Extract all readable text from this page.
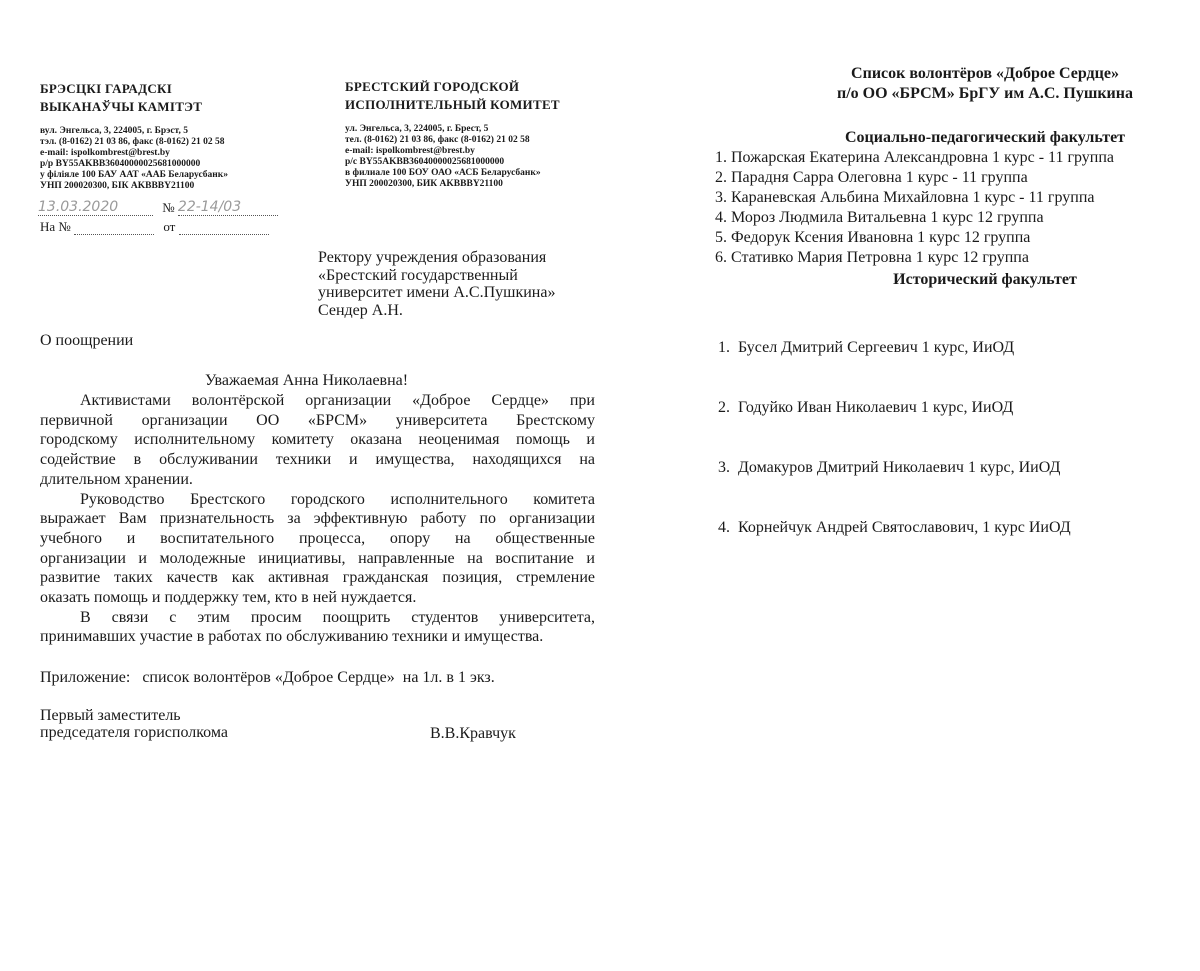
БРЭСЦКI ГАРАДСКI
ВЫКАНАЎЧЫ КАМIТЭТ
вул. Энгельса, 3, 224005, г. Брэст, 5
тэл. (8-0162) 21 03 86, факс (8-0162) 21 02 58
e-mail: ispolkombrest@brest.by
р/р BY55AKBB36040000025681000000
у філіяле 100 БАУ ААТ «ААБ Беларусбанк»
УНП 200020300, БIК AKBBBY21100
БРЕСТСКИЙ ГОРОДСКОЙ
ИСПОЛНИТЕЛЬНЫЙ КОМИТЕТ
ул. Энгельса, 3, 224005, г. Брест, 5
тел. (8-0162) 21 03 86, факс (8-0162) 21 02 58
e-mail: ispolkombrest@brest.by
р/с BY55AKBB36040000025681000000
в филиале 100 БОУ ОАО «АСБ Беларусбанк»
УНП 200020300, БИК AKBBBY21100
13.03.2020	№ 22-14/03
На №	от
Ректору учреждения образования
«Брестский государственный
университет имени А.С.Пушкина»
Сендер А.Н.
О поощрении
Уважаемая Анна Николаевна!
Активистами волонтёрской организации «Доброе Сердце» при
первичной организации ОО «БРСМ» университета Брестскому
городскому исполнительному комитету оказана неоценимая помощь и
содействие в обслуживании техники и имущества, находящихся на
длительном хранении.
Руководство Брестского городского исполнительного комитета
выражает Вам признательность за эффективную работу по организации
учебного и воспитательного процесса, опору на общественные
организации и молодежные инициативы, направленные на воспитание и
развитие таких качеств как активная гражданская позиция, стремление
оказать помощь и поддержку тем, кто в ней нуждается.
В связи с этим просим поощрить студентов университета,
принимавших участие в работах по обслуживанию техники и имущества.
Приложение:   список волонтёров «Доброе Сердце»  на 1л. в 1 экз.
Первый заместитель
председателя горисполкома	В.В.Кравчук
Список волонтёров «Доброе Сердце»
п/о ОО «БРСМ» БрГУ им А.С. Пушкина
Социально-педагогический факультет
1. Пожарская Екатерина Александровна 1 курс - 11 группа
2. Парадня Сарра Олеговна 1 курс - 11 группа
3. Караневская Альбина Михайловна 1 курс - 11 группа
4. Мороз Людмила Витальевна 1 курс 12 группа
5. Федорук Ксения Ивановна 1 курс 12 группа
6. Стативко Мария Петровна 1 курс 12 группа
Исторический факультет

1.  Бусел Дмитрий Сергеевич 1 курс, ИиОД

2.  Годуйко Иван Николаевич 1 курс, ИиОД

3.  Домакуров Дмитрий Николаевич 1 курс, ИиОД

4.  Корнейчук Андрей Святославович, 1 курс ИиОД
